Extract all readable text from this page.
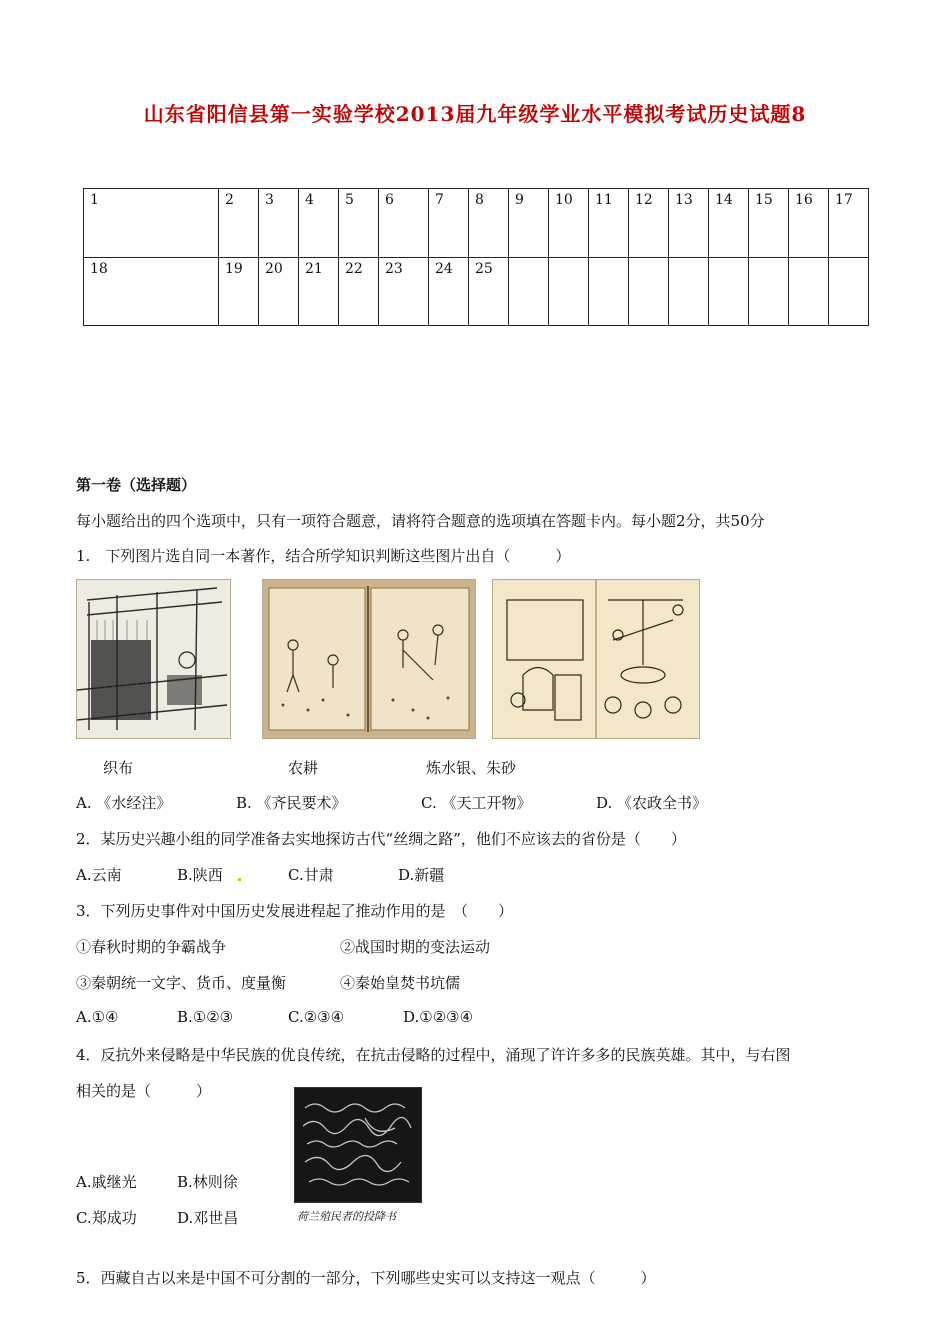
山东省阳信县第一实验学校2013届九年级学业水平模拟考试历史试题8
1	2	3	4	5	6	7	8	9	10	11	12	13	14	15	16	17
18	19	20	21	22	23	24	25									
第一卷（选择题）
每小题给出的四个选项中，只有一项符合题意，请将符合题意的选项填在答题卡内。每小题2分，共50分
1.　下列图片选自同一本著作，结合所学知识判断这些图片出自（　　　）
织布	农耕	炼水银、朱砂
A. 《水经注》	B. 《齐民要术》	C. 《天工开物》	D. 《农政全书》
2．某历史兴趣小组的同学准备去实地探访古代“丝绸之路”，他们不应该去的省份是（　　）
A.云南	B.陕西	C.甘肃	D.新疆
3．下列历史事件对中国历史发展进程起了推动作用的是　（　　）
①春秋时期的争霸战争	②战国时期的变法运动
③秦朝统一文字、货币、度量衡	④秦始皇焚书坑儒
A.①④	B.①②③	C.②③④	D.①②③④
4．反抗外来侵略是中华民族的优良传统，在抗击侵略的过程中，涌现了许许多多的民族英雄。其中，与右图
相关的是（　　　）
荷兰殖民者的投降书
A.戚继光	B.林则徐
C.郑成功	D.邓世昌
5．西藏自古以来是中国不可分割的一部分，下列哪些史实可以支持这一观点（　　　）
